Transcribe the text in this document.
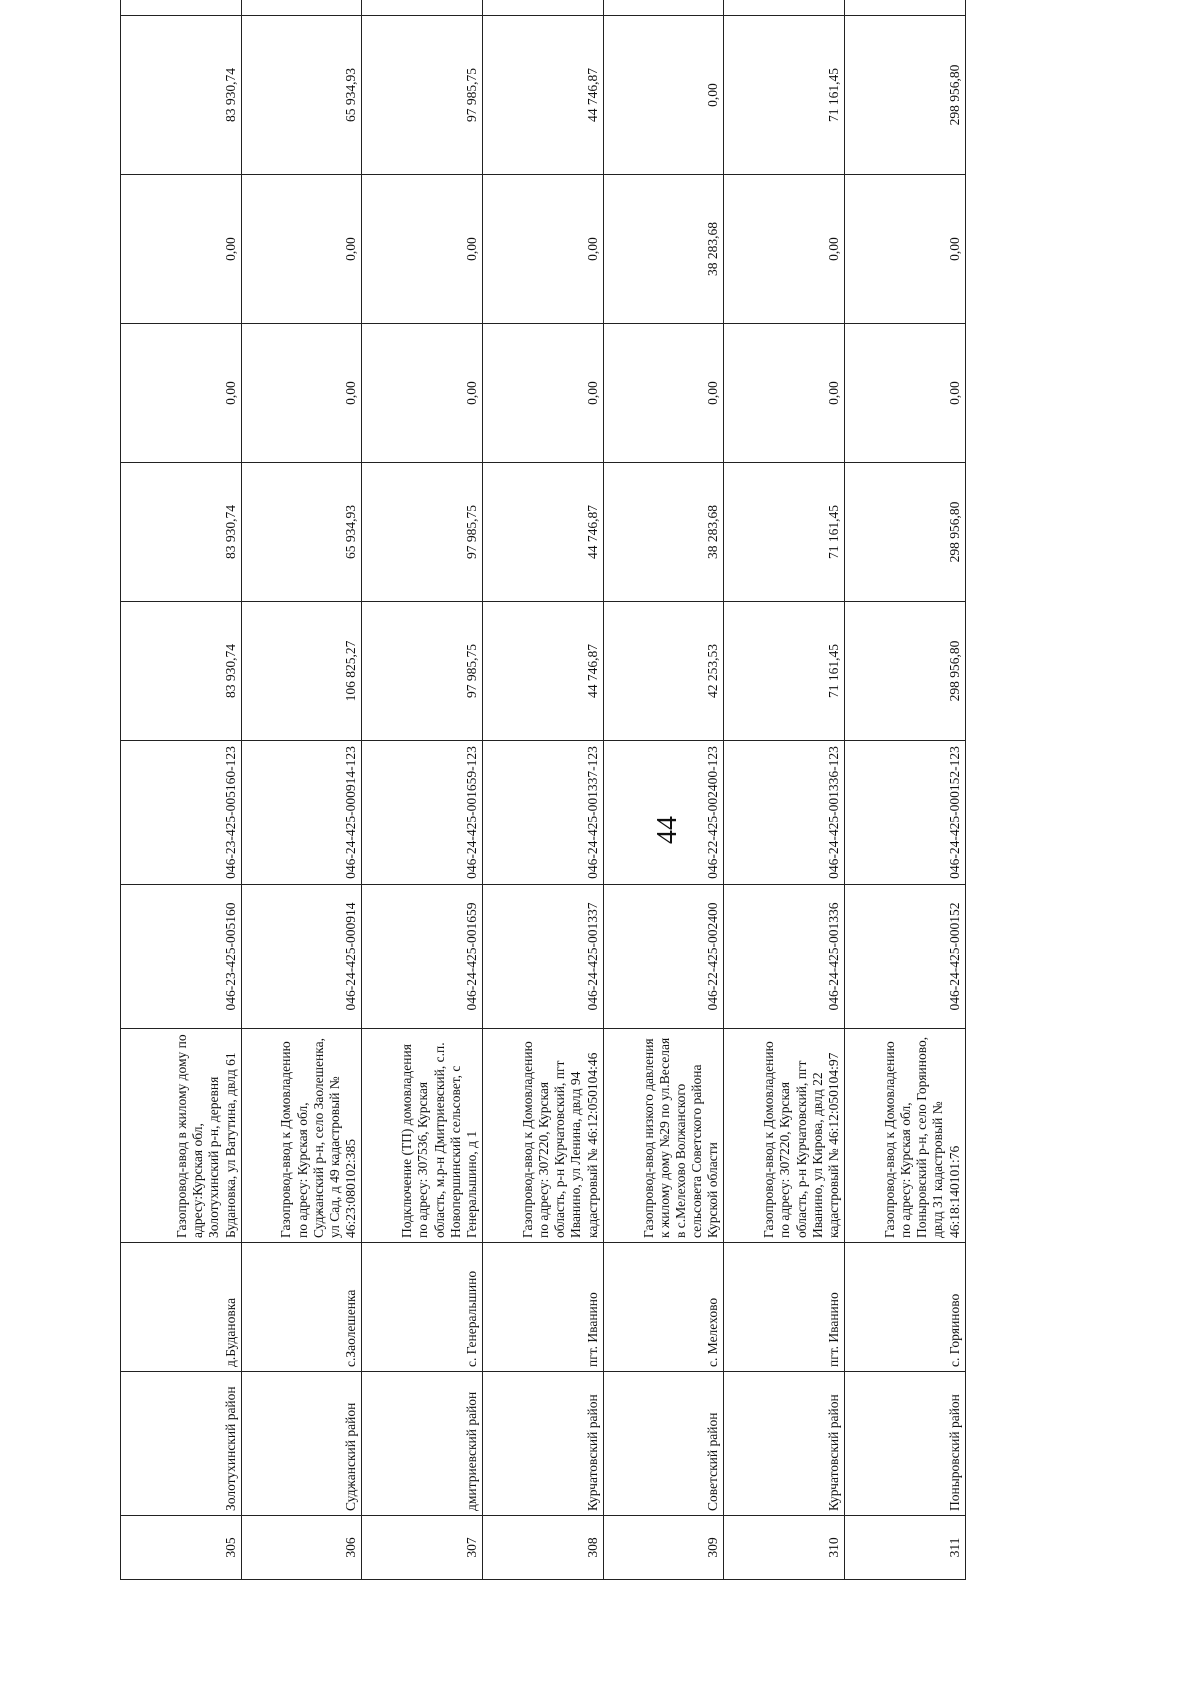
44
305	Золотухинский район	д.Будановка	Газопровод-ввод в жилому дому по адресу:Курская обл, Золотухинский р-н, деревня Будановка, ул Ватутина, двлд 61	046-23-425-005160	046-23-425-005160-123	83 930,74	83 930,74	0,00	0,00	83 930,74	
306	Суджанский район	с.Заолешенка	Газопровод-ввод к Домовладению по адресу: Курская обл, Суджанский р-н, село Заолешенка, ул Сад, д 49 кадастровый № 46:23:080102:385	046-24-425-000914	046-24-425-000914-123	106 825,27	65 934,93	0,00	0,00	65 934,93	
307	дмитриевский район	с. Генеральшино	Подключение (ТП) домовладения по адресу: 307536, Курская область, м.р-н Дмитриевский, с.п. Новопершинский сельсовет, с Генеральшино, д 1	046-24-425-001659	046-24-425-001659-123	97 985,75	97 985,75	0,00	0,00	97 985,75	
308	Курчатовский район	пгт. Иванино	Газопровод-ввод к Домовладению по адресу: 307220, Курская область, р-н Курчатовский, пгт Иванино, ул Ленина, двлд 94 кадастровый № 46:12:050104:46	046-24-425-001337	046-24-425-001337-123	44 746,87	44 746,87	0,00	0,00	44 746,87	
309	Советский район	с. Мелехово	Газопровод-ввод низкого давления к жилому дому №29 по ул.Веселая в с.Мелехово Волжанского сельсовета Советского района Курской области	046-22-425-002400	046-22-425-002400-123	42 253,53	38 283,68	0,00	38 283,68	0,00	
310	Курчатовский район	пгт. Иванино	Газопровод-ввод к Домовладению по адресу: 307220, Курская область, р-н Курчатовский, пгт Иванино, ул Кирова, двлд 22 кадастровый № 46:12:050104:97	046-24-425-001336	046-24-425-001336-123	71 161,45	71 161,45	0,00	0,00	71 161,45	
311	Поныровский район	с. Горяиново	Газопровод-ввод к Домовладению по адресу: Курская обл, Поныровский р-н, село Горяиново, двлд 31 кадастровый № 46:18:140101:76	046-24-425-000152	046-24-425-000152-123	298 956,80	298 956,80	0,00	0,00	298 956,80	
